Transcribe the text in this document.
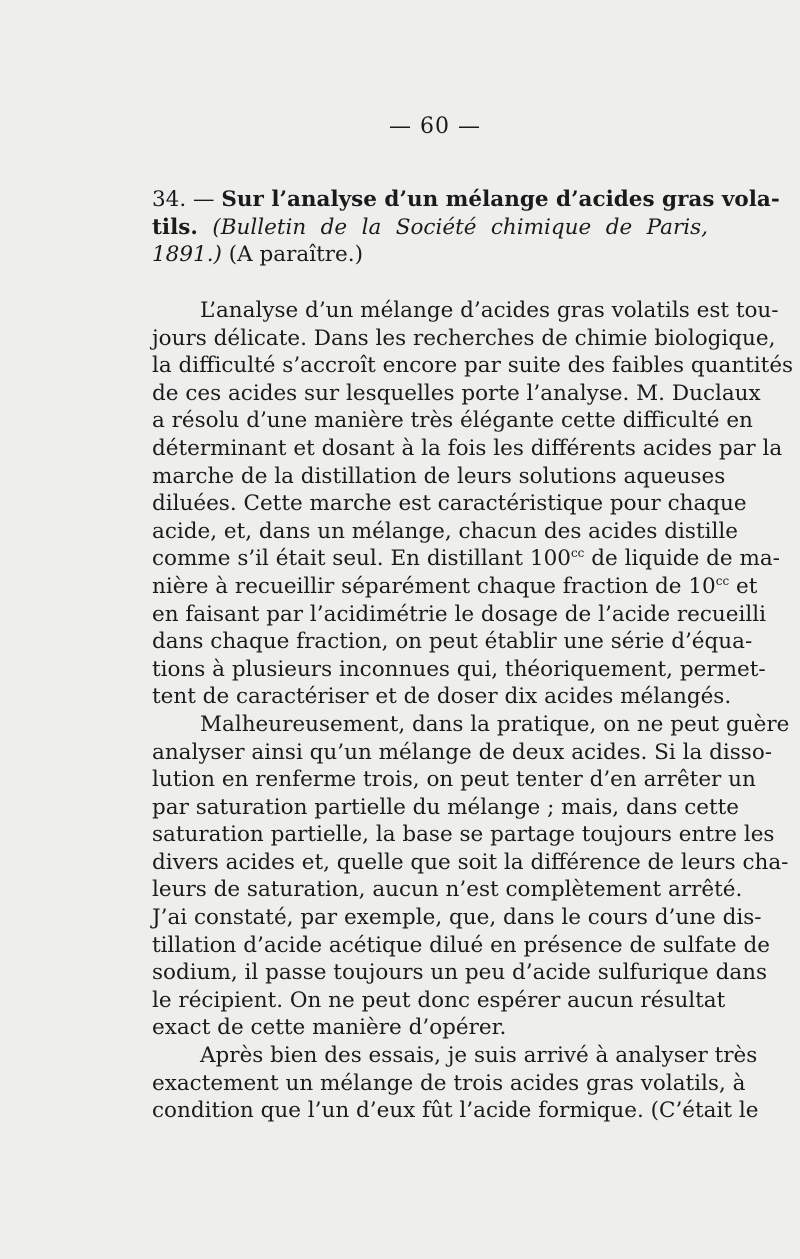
— 60 —
34. — Sur l’analyse d’un mélange d’acides gras vola-
tils. (Bulletin de la Société chimique de Paris,
1891.) (A paraître.)
L’analyse d’un mélange d’acides gras volatils est tou-
jours délicate. Dans les recherches de chimie biologique,
la difficulté s’accroît encore par suite des faibles quantités
de ces acides sur lesquelles porte l’analyse. M. Duclaux
a résolu d’une manière très élégante cette difficulté en
déterminant et dosant à la fois les différents acides par la
marche de la distillation de leurs solutions aqueuses
diluées. Cette marche est caractéristique pour chaque
acide, et, dans un mélange, chacun des acides distille
comme s’il était seul. En distillant $100^{cc}$ de liquide de ma-
nière à recueillir séparément chaque fraction de $10^{cc}$ et
en faisant par l’acidimétrie le dosage de l’acide recueilli
dans chaque fraction, on peut établir une série d’équa-
tions à plusieurs inconnues qui, théoriquement, permet-
tent de caractériser et de doser dix acides mélangés.
Malheureusement, dans la pratique, on ne peut guère
analyser ainsi qu’un mélange de deux acides. Si la disso-
lution en renferme trois, on peut tenter d’en arrêter un
par saturation partielle du mélange ; mais, dans cette
saturation partielle, la base se partage toujours entre les
divers acides et, quelle que soit la différence de leurs cha-
leurs de saturation, aucun n’est complètement arrêté.
J’ai constaté, par exemple, que, dans le cours d’une dis-
tillation d’acide acétique dilué en présence de sulfate de
sodium, il passe toujours un peu d’acide sulfurique dans
le récipient. On ne peut donc espérer aucun résultat
exact de cette manière d’opérer.
Après bien des essais, je suis arrivé à analyser très
exactement un mélange de trois acides gras volatils, à
condition que l’un d’eux fût l’acide formique. (C’était le
